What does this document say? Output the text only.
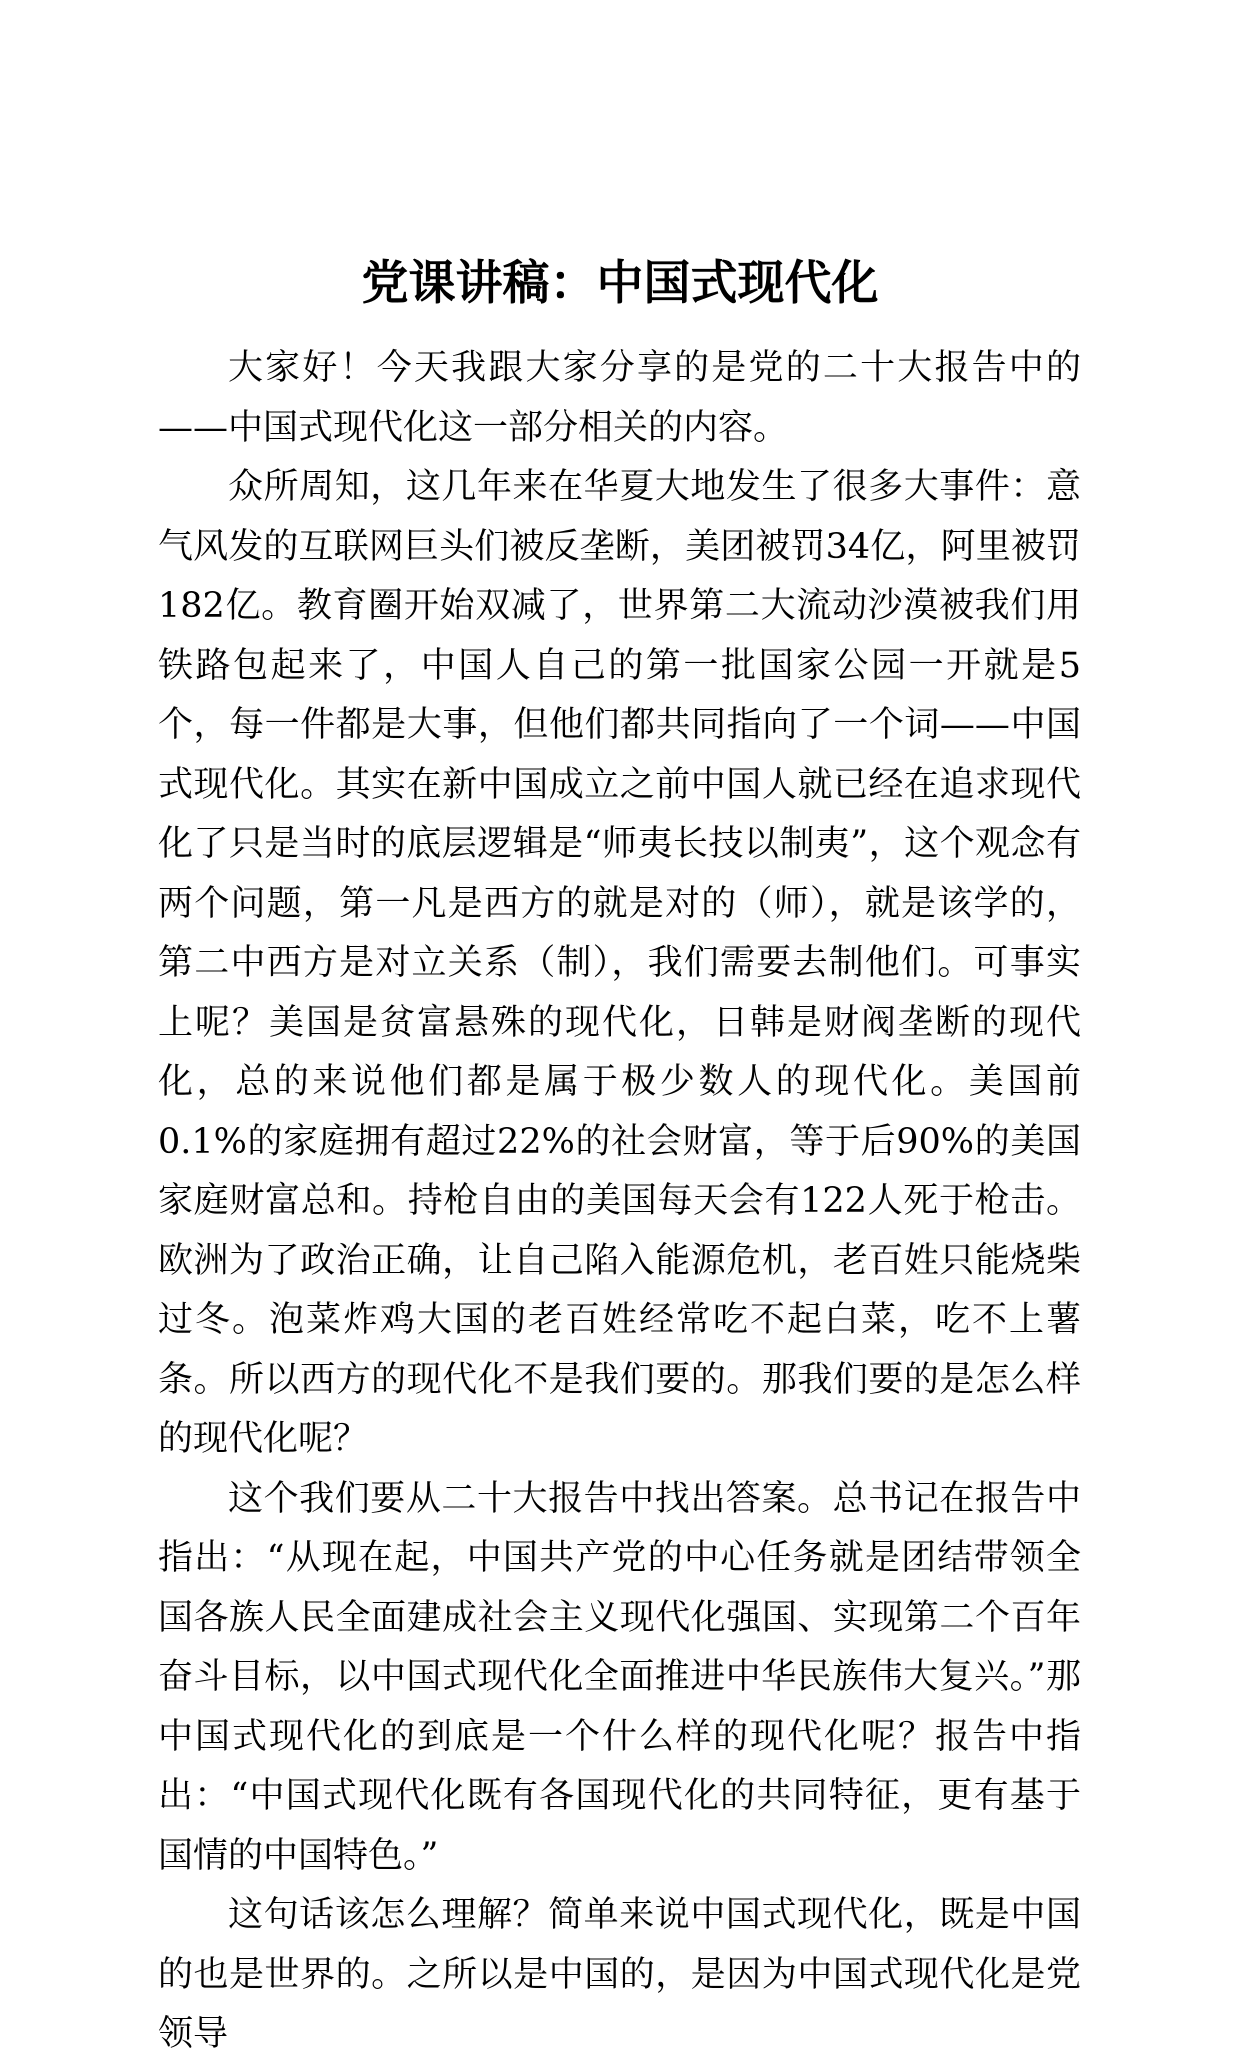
党课讲稿：中国式现代化

大家好！今天我跟大家分享的是党的二十大报告中的——中国式现代化这一部分相关的内容。

众所周知，这几年来在华夏大地发生了很多大事件：意气风发的互联网巨头们被反垄断，美团被罚34亿，阿里被罚182亿。教育圈开始双减了，世界第二大流动沙漠被我们用铁路包起来了，中国人自己的第一批国家公园一开就是5个，每一件都是大事，但他们都共同指向了一个词——中国式现代化。其实在新中国成立之前中国人就已经在追求现代化了只是当时的底层逻辑是“师夷长技以制夷”，这个观念有两个问题，第一凡是西方的就是对的（师），就是该学的，第二中西方是对立关系（制），我们需要去制他们。可事实上呢？美国是贫富悬殊的现代化，日韩是财阀垄断的现代化，总的来说他们都是属于极少数人的现代化。美国前0.1%的家庭拥有超过22%的社会财富，等于后90%的美国家庭财富总和。持枪自由的美国每天会有122人死于枪击。欧洲为了政治正确，让自己陷入能源危机，老百姓只能烧柴过冬。泡菜炸鸡大国的老百姓经常吃不起白菜，吃不上薯条。所以西方的现代化不是我们要的。那我们要的是怎么样的现代化呢？

这个我们要从二十大报告中找出答案。总书记在报告中指出：“从现在起，中国共产党的中心任务就是团结带领全国各族人民全面建成社会主义现代化强国、实现第二个百年奋斗目标，以中国式现代化全面推进中华民族伟大复兴。”那中国式现代化的到底是一个什么样的现代化呢？报告中指出：“中国式现代化既有各国现代化的共同特征，更有基于国情的中国特色。”

这句话该怎么理解？简单来说中国式现代化，既是中国的也是世界的。之所以是中国的，是因为中国式现代化是党领导
